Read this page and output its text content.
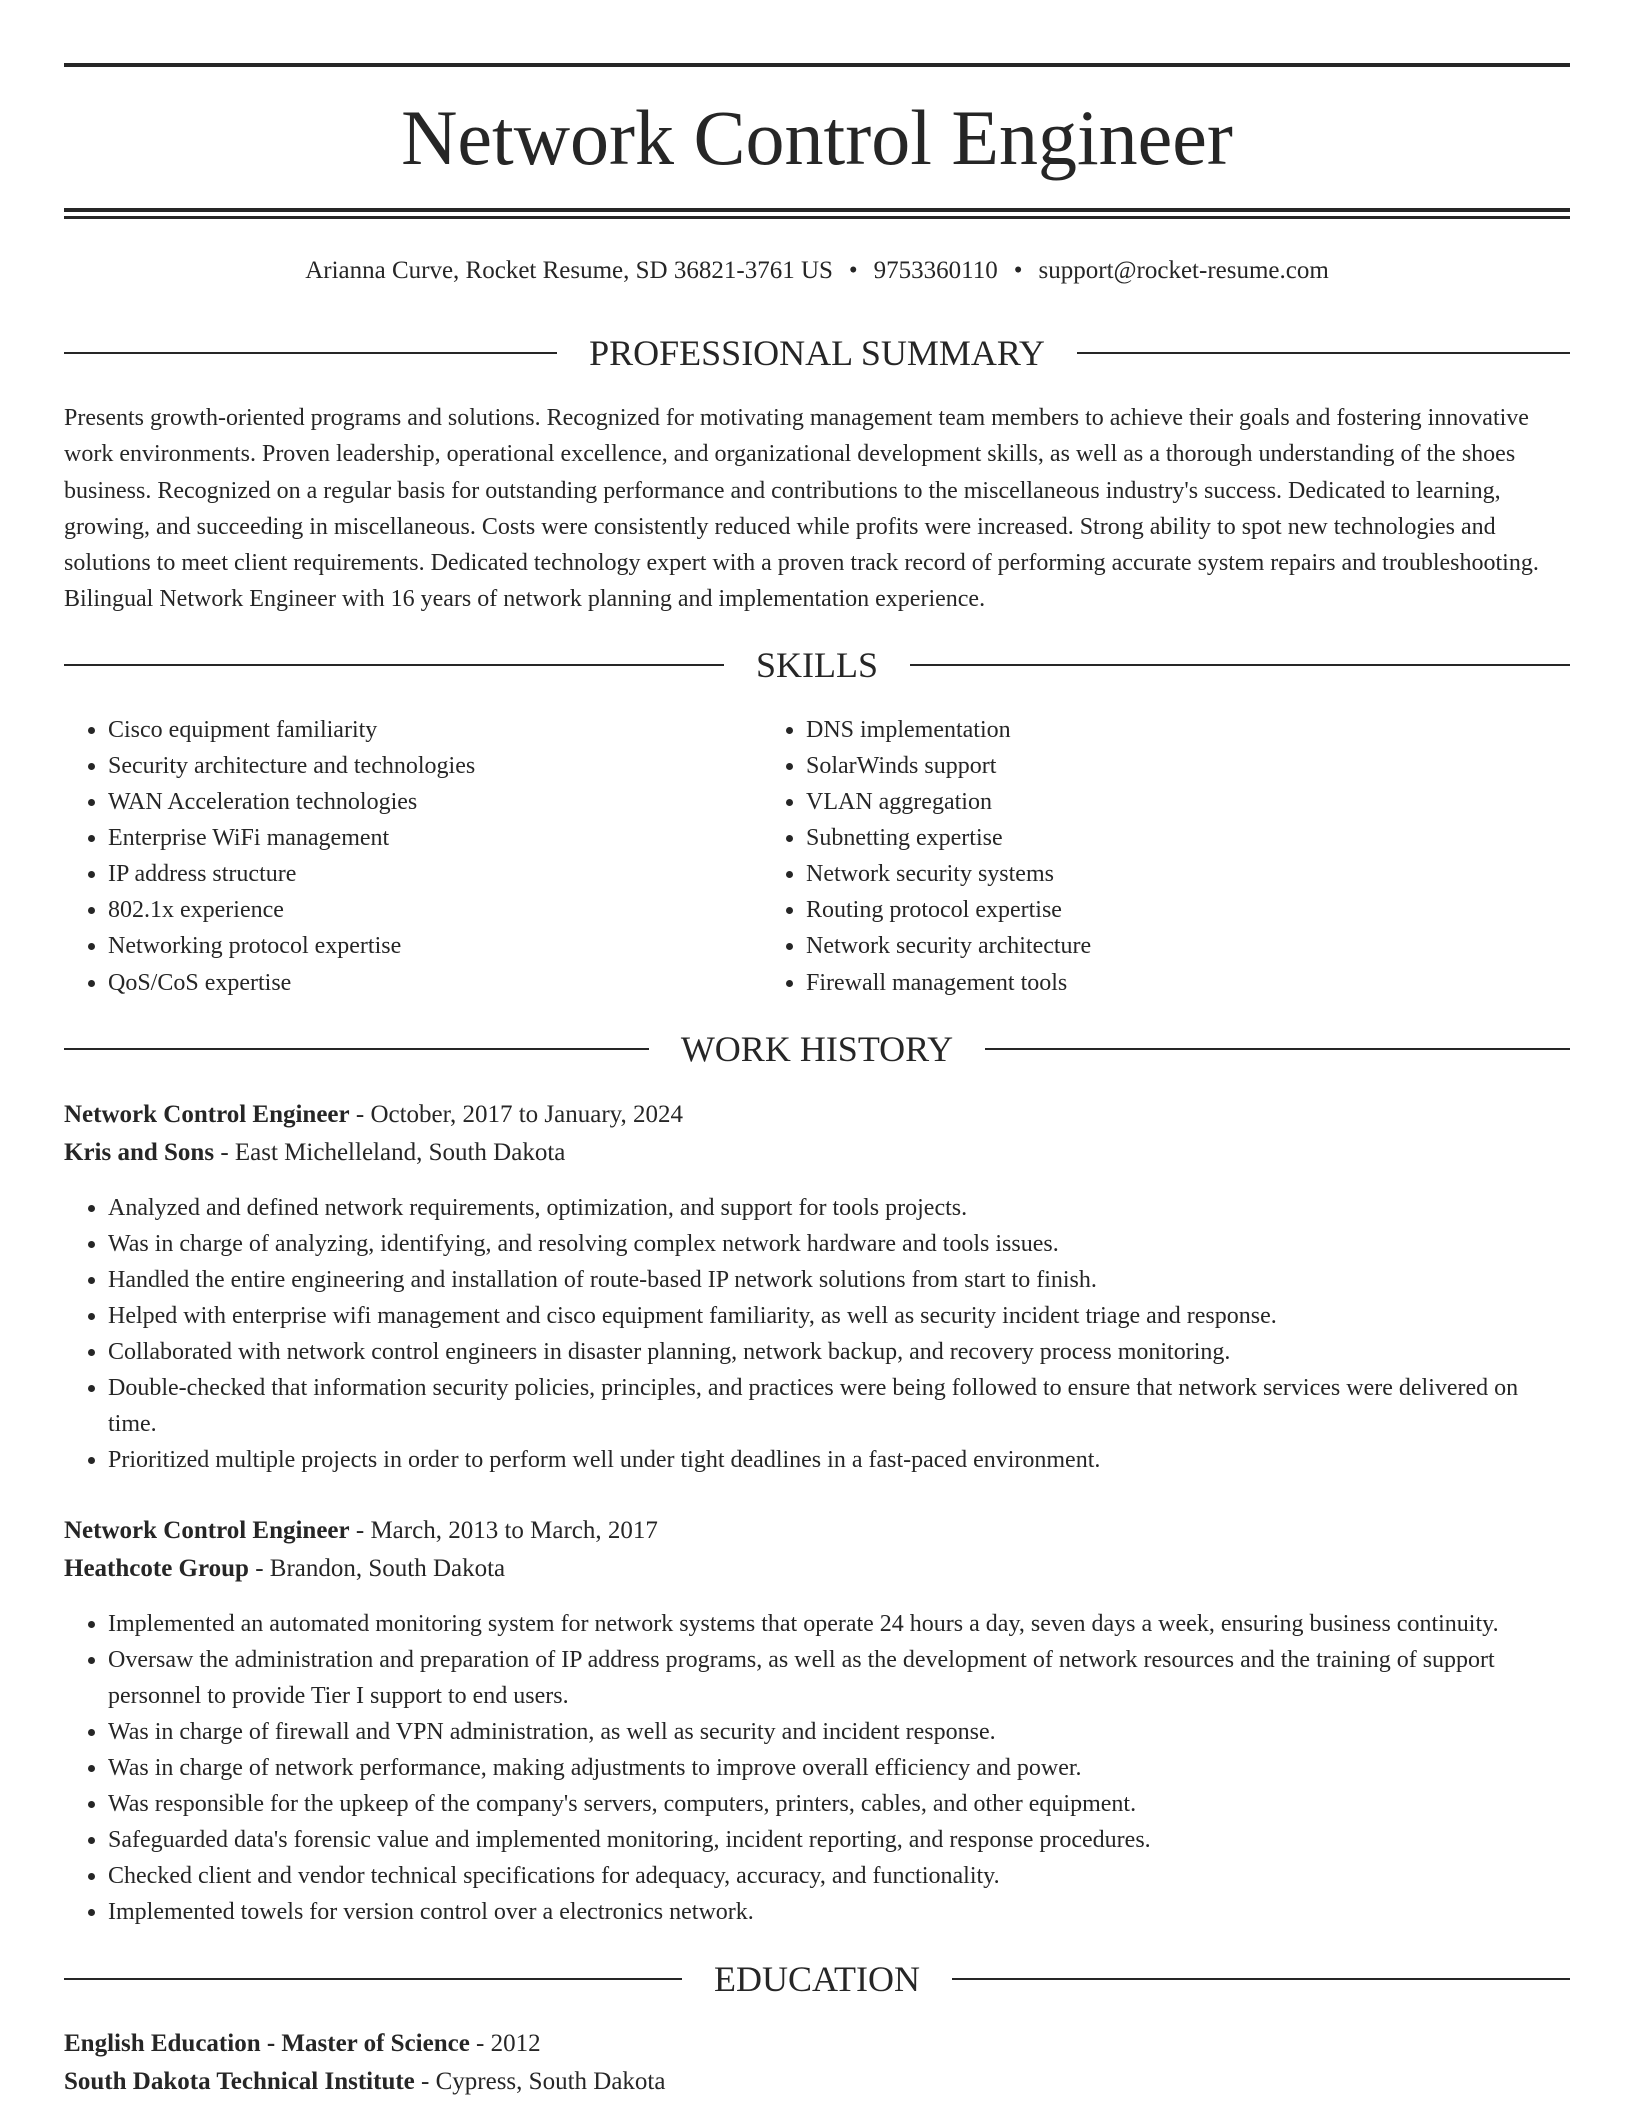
Network Control Engineer
Arianna Curve, Rocket Resume, SD 36821-3761 US • 9753360110 • support@rocket-resume.com
PROFESSIONAL SUMMARY

Presents growth-oriented programs and solutions. Recognized for motivating management team members to achieve their goals and fostering innovative work environments. Proven leadership, operational excellence, and organizational development skills, as well as a thorough understanding of the shoes business. Recognized on a regular basis for outstanding performance and contributions to the miscellaneous industry's success. Dedicated to learning, growing, and succeeding in miscellaneous. Costs were consistently reduced while profits were increased. Strong ability to spot new technologies and solutions to meet client requirements. Dedicated technology expert with a proven track record of performing accurate system repairs and troubleshooting. Bilingual Network Engineer with 16 years of network planning and implementation experience.

SKILLS
• Cisco equipment familiarity
• Security architecture and technologies
• WAN Acceleration technologies
• Enterprise WiFi management
• IP address structure
• 802.1x experience
• Networking protocol expertise
• QoS/CoS expertise
• DNS implementation
• SolarWinds support
• VLAN aggregation
• Subnetting expertise
• Network security systems
• Routing protocol expertise
• Network security architecture
• Firewall management tools
WORK HISTORY
Network Control Engineer - October, 2017 to January, 2024
Kris and Sons - East Michelleland, South Dakota
• Analyzed and defined network requirements, optimization, and support for tools projects.
• Was in charge of analyzing, identifying, and resolving complex network hardware and tools issues.
• Handled the entire engineering and installation of route-based IP network solutions from start to finish.
• Helped with enterprise wifi management and cisco equipment familiarity, as well as security incident triage and response.
• Collaborated with network control engineers in disaster planning, network backup, and recovery process monitoring.
• Double-checked that information security policies, principles, and practices were being followed to ensure that network services were delivered on time.
• Prioritized multiple projects in order to perform well under tight deadlines in a fast-paced environment.
Network Control Engineer - March, 2013 to March, 2017
Heathcote Group - Brandon, South Dakota
• Implemented an automated monitoring system for network systems that operate 24 hours a day, seven days a week, ensuring business continuity.
• Oversaw the administration and preparation of IP address programs, as well as the development of network resources and the training of support personnel to provide Tier I support to end users.
• Was in charge of firewall and VPN administration, as well as security and incident response.
• Was in charge of network performance, making adjustments to improve overall efficiency and power.
• Was responsible for the upkeep of the company's servers, computers, printers, cables, and other equipment.
• Safeguarded data's forensic value and implemented monitoring, incident reporting, and response procedures.
• Checked client and vendor technical specifications for adequacy, accuracy, and functionality.
• Implemented towels for version control over a electronics network.
EDUCATION
English Education - Master of Science - 2012
South Dakota Technical Institute - Cypress, South Dakota
